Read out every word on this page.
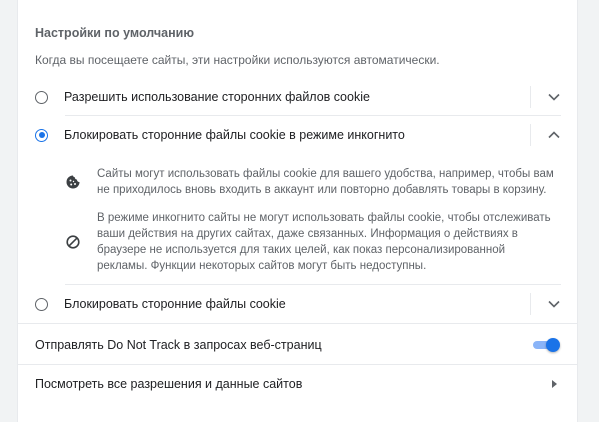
Настройки по умолчанию
Когда вы посещаете сайты, эти настройки используются автоматически.
Разрешить использование сторонних файлов cookie
Блокировать сторонние файлы cookie в режиме инкогнито
Сайты могут использовать файлы cookie для вашего удобства, например, чтобы вам не приходилось вновь входить в аккаунт или повторно добавлять товары в корзину.
В режиме инкогнито сайты не могут использовать файлы cookie, чтобы отслеживать ваши действия на других сайтах, даже связанных. Информация о действиях в браузере не используется для таких целей, как показ персонализированной рекламы. Функции некоторых сайтов могут быть недоступны.
Блокировать сторонние файлы cookie
Отправлять Do Not Track в запросах веб-страниц
Посмотреть все разрешения и данные сайтов
